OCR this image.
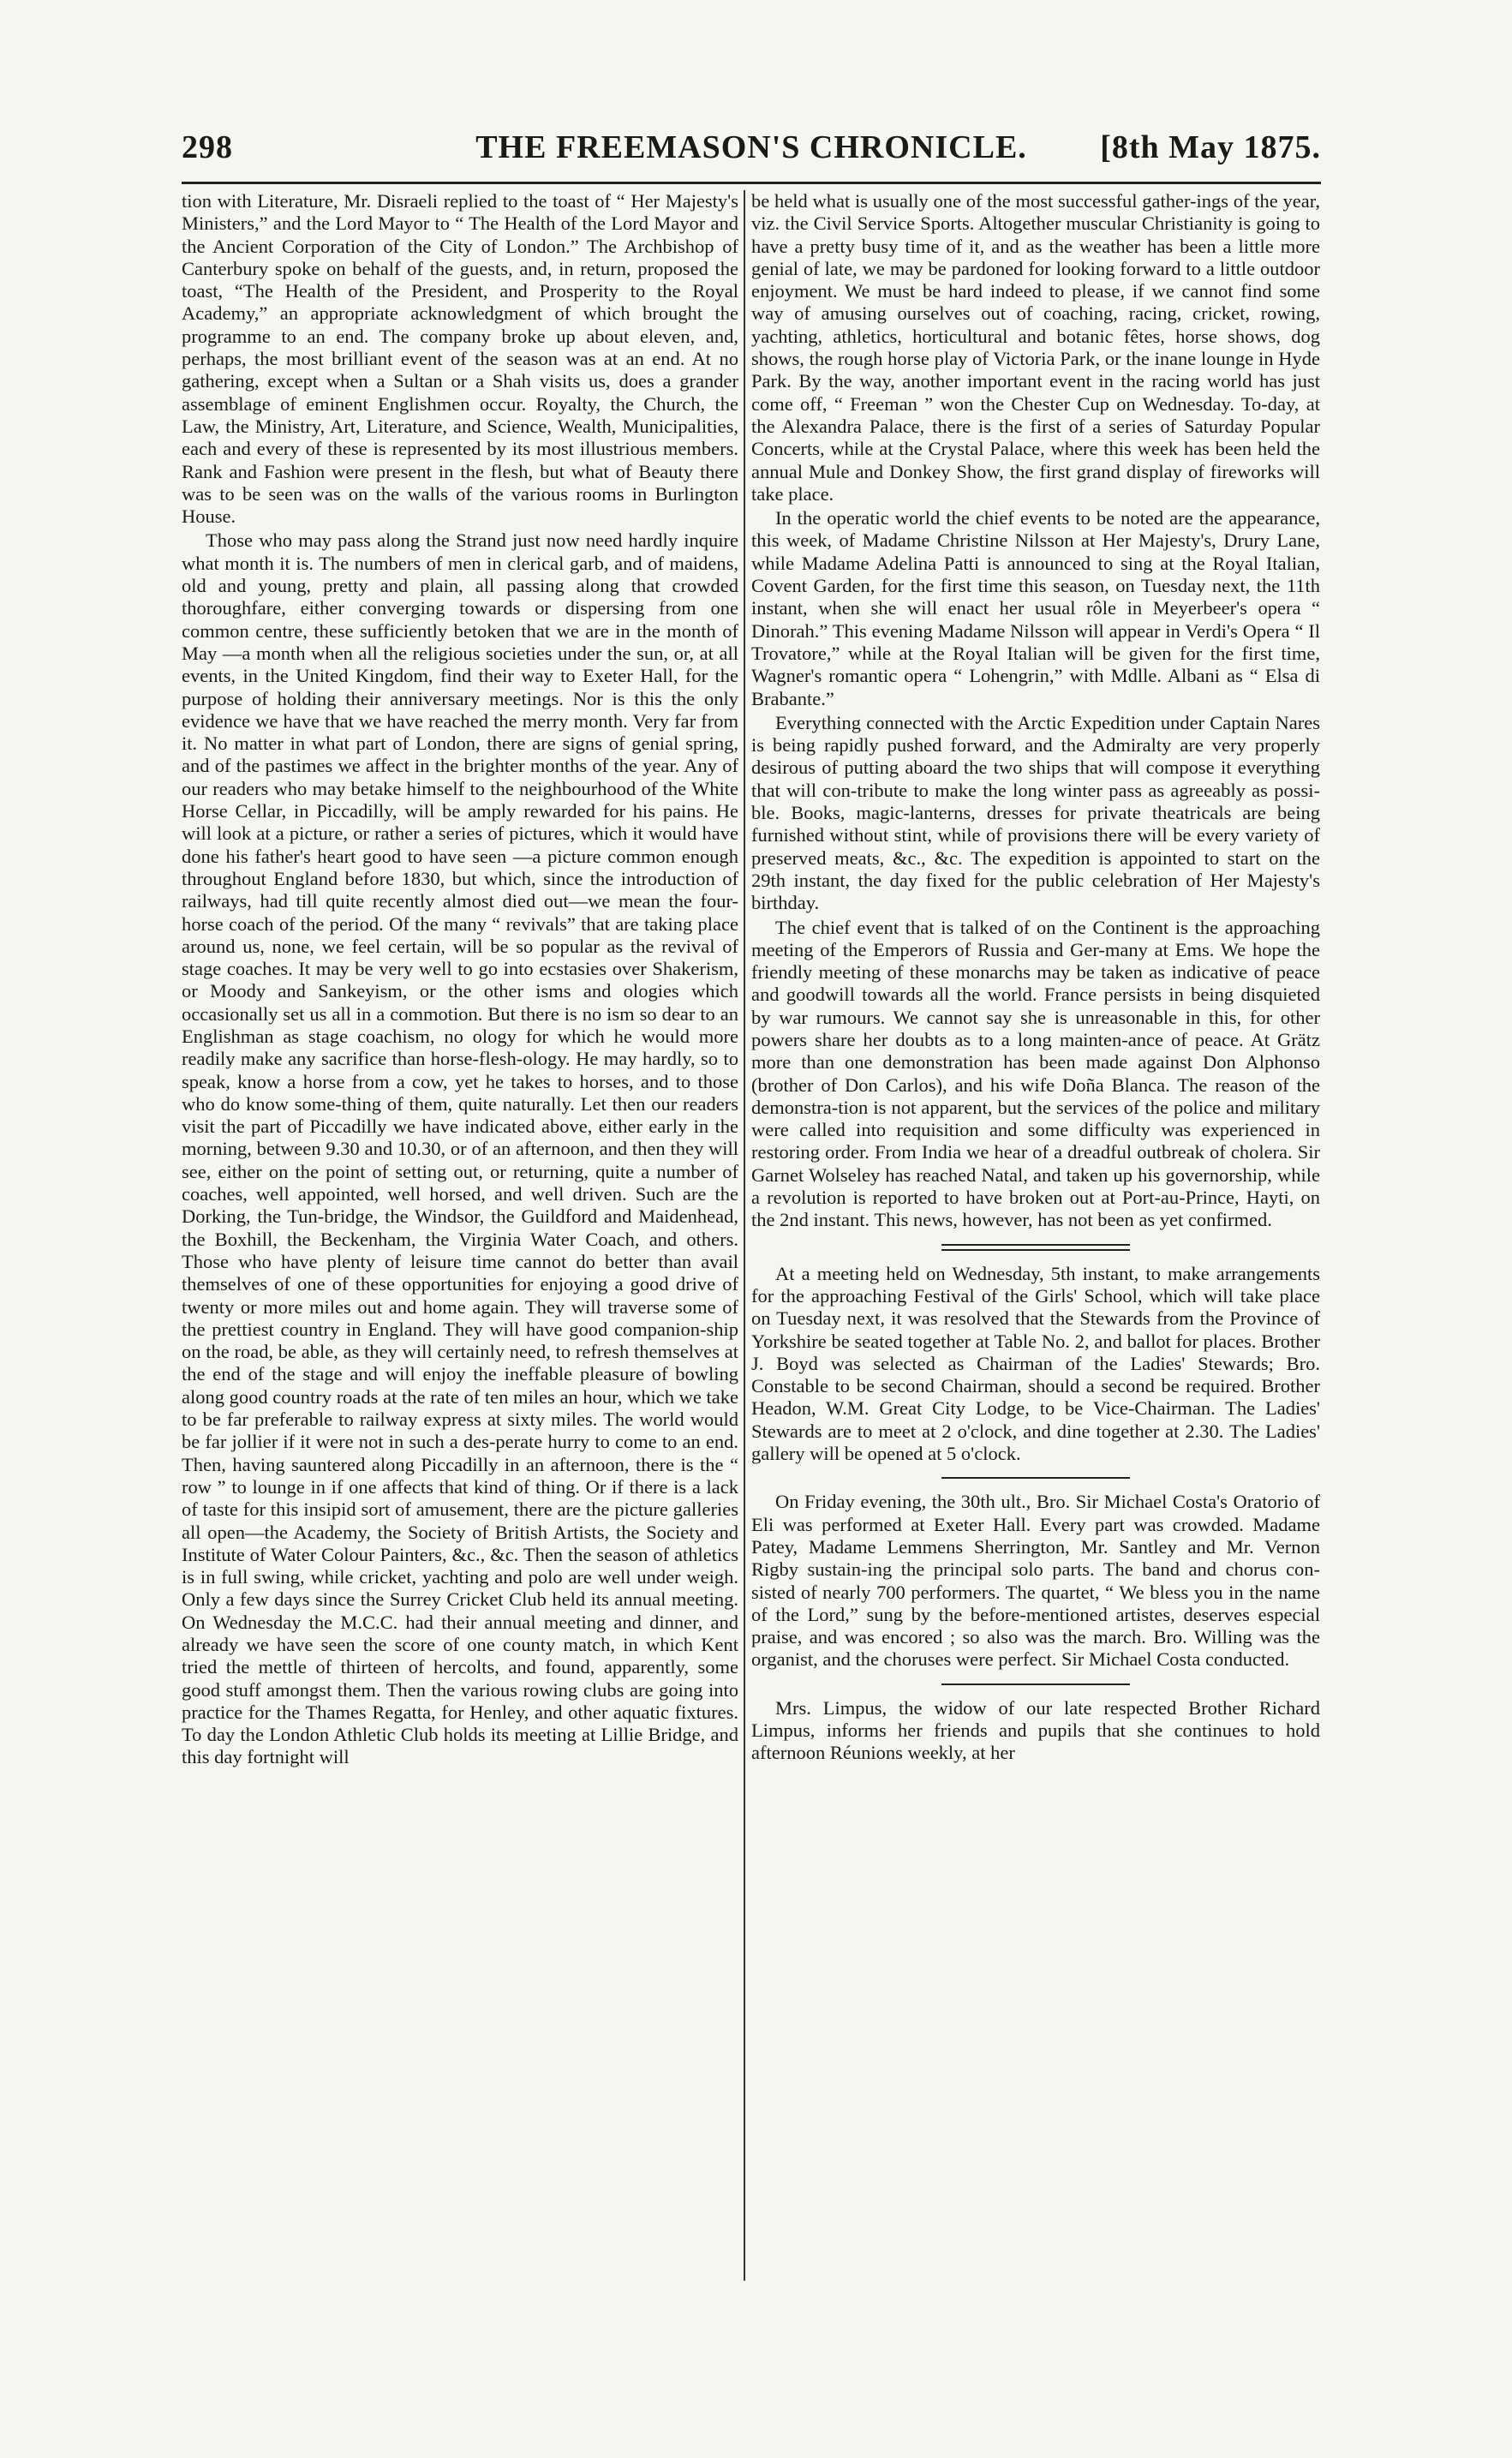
298	THE FREEMASON'S CHRONICLE.	[8th May 1875.

tion with Literature, Mr. Disraeli replied to the toast of “ Her Majesty's Ministers,” and the Lord Mayor to “ The Health of the Lord Mayor and the Ancient Corporation of the City of London.” The Archbishop of Canterbury spoke on behalf of the guests, and, in return, proposed the toast, “The Health of the President, and Prosperity to the Royal Academy,” an appropriate acknowledgment of which brought the programme to an end. The company broke up about eleven, and, perhaps, the most brilliant event of the season was at an end. At no gathering, except when a Sultan or a Shah visits us, does a grander assemblage of eminent Englishmen occur. Royalty, the Church, the Law, the Ministry, Art, Literature, and Science, Wealth, Municipalities, each and every of these is represented by its most illustrious members. Rank and Fashion were present in the flesh, but what of Beauty there was to be seen was on the walls of the various rooms in Burlington House.

Those who may pass along the Strand just now need hardly inquire what month it is. The numbers of men in clerical garb, and of maidens, old and young, pretty and plain, all passing along that crowded thoroughfare, either converging towards or dispersing from one common centre, these sufficiently betoken that we are in the month of May —a month when all the religious societies under the sun, or, at all events, in the United Kingdom, find their way to Exeter Hall, for the purpose of holding their anniversary meetings. Nor is this the only evidence we have that we have reached the merry month. Very far from it. No matter in what part of London, there are signs of genial spring, and of the pastimes we affect in the brighter months of the year. Any of our readers who may betake himself to the neighbourhood of the White Horse Cellar, in Piccadilly, will be amply rewarded for his pains. He will look at a picture, or rather a series of pictures, which it would have done his father's heart good to have seen —a picture common enough throughout England before 1830, but which, since the introduction of railways, had till quite recently almost died out—we mean the four-horse coach of the period. Of the many “ revivals” that are taking place around us, none, we feel certain, will be so popular as the revival of stage coaches. It may be very well to go into ecstasies over Shakerism, or Moody and Sankeyism, or the other isms and ologies which occasionally set us all in a commotion. But there is no ism so dear to an Englishman as stage coachism, no ology for which he would more readily make any sacrifice than horse-flesh-ology. He may hardly, so to speak, know a horse from a cow, yet he takes to horses, and to those who do know some-thing of them, quite naturally. Let then our readers visit the part of Piccadilly we have indicated above, either early in the morning, between 9.30 and 10.30, or of an afternoon, and then they will see, either on the point of setting out, or returning, quite a number of coaches, well appointed, well horsed, and well driven. Such are the Dorking, the Tun-bridge, the Windsor, the Guildford and Maidenhead, the Boxhill, the Beckenham, the Virginia Water Coach, and others. Those who have plenty of leisure time cannot do better than avail themselves of one of these opportunities for enjoying a good drive of twenty or more miles out and home again. They will traverse some of the prettiest country in England. They will have good companion-ship on the road, be able, as they will certainly need, to refresh themselves at the end of the stage and will enjoy the ineffable pleasure of bowling along good country roads at the rate of ten miles an hour, which we take to be far preferable to railway express at sixty miles. The world would be far jollier if it were not in such a des-perate hurry to come to an end. Then, having sauntered along Piccadilly in an afternoon, there is the “ row ” to lounge in if one affects that kind of thing. Or if there is a lack of taste for this insipid sort of amusement, there are the picture galleries all open—the Academy, the Society of British Artists, the Society and Institute of Water Colour Painters, &c., &c. Then the season of athletics is in full swing, while cricket, yachting and polo are well under weigh. Only a few days since the Surrey Cricket Club held its annual meeting. On Wednesday the M.C.C. had their annual meeting and dinner, and already we have seen the score of one county match, in which Kent tried the mettle of thirteen of hercolts, and found, apparently, some good stuff amongst them. Then the various rowing clubs are going into practice for the Thames Regatta, for Henley, and other aquatic fixtures. To day the London Athletic Club holds its meeting at Lillie Bridge, and this day fortnight will

be held what is usually one of the most successful gather-ings of the year, viz. the Civil Service Sports. Altogether muscular Christianity is going to have a pretty busy time of it, and as the weather has been a little more genial of late, we may be pardoned for looking forward to a little outdoor enjoyment. We must be hard indeed to please, if we cannot find some way of amusing ourselves out of coaching, racing, cricket, rowing, yachting, athletics, horticultural and botanic fêtes, horse shows, dog shows, the rough horse play of Victoria Park, or the inane lounge in Hyde Park. By the way, another important event in the racing world has just come off, “ Freeman ” won the Chester Cup on Wednesday. To-day, at the Alexandra Palace, there is the first of a series of Saturday Popular Concerts, while at the Crystal Palace, where this week has been held the annual Mule and Donkey Show, the first grand display of fireworks will take place.

In the operatic world the chief events to be noted are the appearance, this week, of Madame Christine Nilsson at Her Majesty's, Drury Lane, while Madame Adelina Patti is announced to sing at the Royal Italian, Covent Garden, for the first time this season, on Tuesday next, the 11th instant, when she will enact her usual rôle in Meyerbeer's opera “ Dinorah.” This evening Madame Nilsson will appear in Verdi's Opera “ Il Trovatore,” while at the Royal Italian will be given for the first time, Wagner's romantic opera “ Lohengrin,” with Mdlle. Albani as “ Elsa di Brabante.”

Everything connected with the Arctic Expedition under Captain Nares is being rapidly pushed forward, and the Admiralty are very properly desirous of putting aboard the two ships that will compose it everything that will con-tribute to make the long winter pass as agreeably as possi-ble. Books, magic-lanterns, dresses for private theatricals are being furnished without stint, while of provisions there will be every variety of preserved meats, &c., &c. The expedition is appointed to start on the 29th instant, the day fixed for the public celebration of Her Majesty's birthday.

The chief event that is talked of on the Continent is the approaching meeting of the Emperors of Russia and Ger-many at Ems. We hope the friendly meeting of these monarchs may be taken as indicative of peace and goodwill towards all the world. France persists in being disquieted by war rumours. We cannot say she is unreasonable in this, for other powers share her doubts as to a long mainten-ance of peace. At Grätz more than one demonstration has been made against Don Alphonso (brother of Don Carlos), and his wife Doña Blanca. The reason of the demonstra-tion is not apparent, but the services of the police and military were called into requisition and some difficulty was experienced in restoring order. From India we hear of a dreadful outbreak of cholera. Sir Garnet Wolseley has reached Natal, and taken up his governorship, while a revolution is reported to have broken out at Port-au-Prince, Hayti, on the 2nd instant. This news, however, has not been as yet confirmed.

At a meeting held on Wednesday, 5th instant, to make arrangements for the approaching Festival of the Girls' School, which will take place on Tuesday next, it was resolved that the Stewards from the Province of Yorkshire be seated together at Table No. 2, and ballot for places. Brother J. Boyd was selected as Chairman of the Ladies' Stewards; Bro. Constable to be second Chairman, should a second be required. Brother Headon, W.M. Great City Lodge, to be Vice-Chairman. The Ladies' Stewards are to meet at 2 o'clock, and dine together at 2.30. The Ladies' gallery will be opened at 5 o'clock.

On Friday evening, the 30th ult., Bro. Sir Michael Costa's Oratorio of Eli was performed at Exeter Hall. Every part was crowded. Madame Patey, Madame Lemmens Sherrington, Mr. Santley and Mr. Vernon Rigby sustain-ing the principal solo parts. The band and chorus con-sisted of nearly 700 performers. The quartet, “ We bless you in the name of the Lord,” sung by the before-mentioned artistes, deserves especial praise, and was encored ; so also was the march. Bro. Willing was the organist, and the choruses were perfect. Sir Michael Costa conducted.

Mrs. Limpus, the widow of our late respected Brother Richard Limpus, informs her friends and pupils that she continues to hold afternoon Réunions weekly, at her
